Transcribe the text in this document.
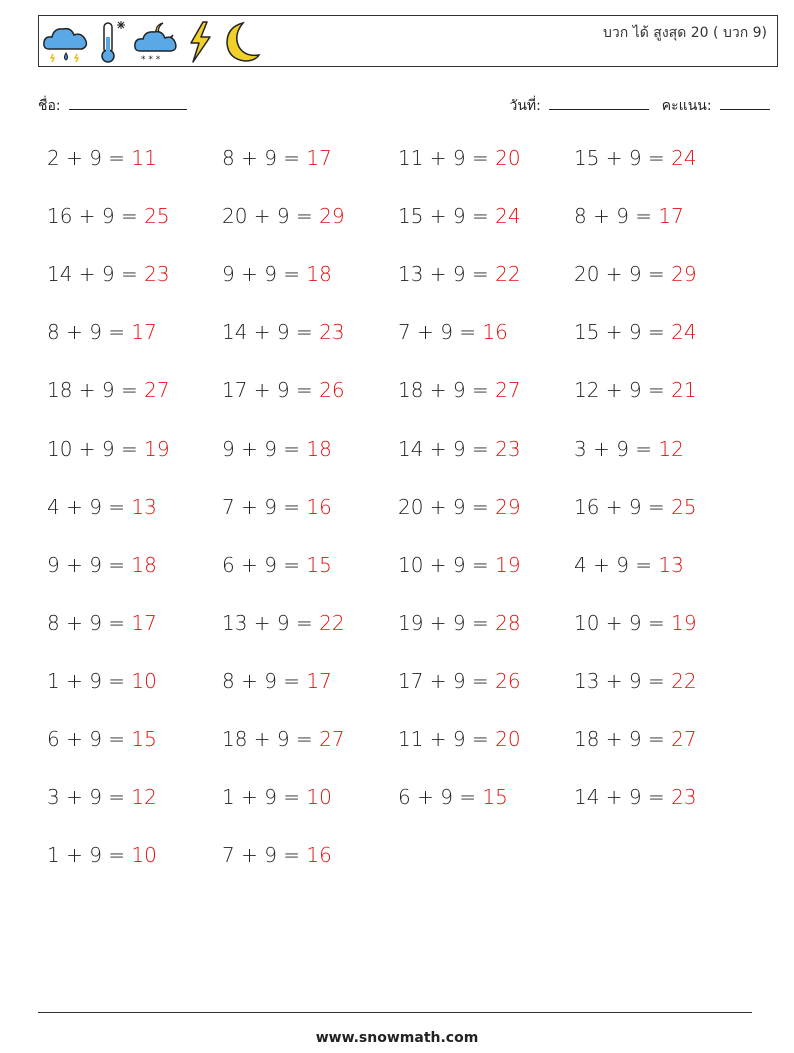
* * *
บวก ได้ สูงสุด 20 ( บวก 9)
ชื่อ:	วันที่:	คะแนน:
2 + 9 = 11	8 + 9 = 17	11 + 9 = 20	15 + 9 = 24
16 + 9 = 25	20 + 9 = 29	15 + 9 = 24	8 + 9 = 17
14 + 9 = 23	9 + 9 = 18	13 + 9 = 22	20 + 9 = 29
8 + 9 = 17	14 + 9 = 23	7 + 9 = 16	15 + 9 = 24
18 + 9 = 27	17 + 9 = 26	18 + 9 = 27	12 + 9 = 21
10 + 9 = 19	9 + 9 = 18	14 + 9 = 23	3 + 9 = 12
4 + 9 = 13	7 + 9 = 16	20 + 9 = 29	16 + 9 = 25
9 + 9 = 18	6 + 9 = 15	10 + 9 = 19	4 + 9 = 13
8 + 9 = 17	13 + 9 = 22	19 + 9 = 28	10 + 9 = 19
1 + 9 = 10	8 + 9 = 17	17 + 9 = 26	13 + 9 = 22
6 + 9 = 15	18 + 9 = 27	11 + 9 = 20	18 + 9 = 27
3 + 9 = 12	1 + 9 = 10	6 + 9 = 15	14 + 9 = 23
1 + 9 = 10	7 + 9 = 16
www.snowmath.com
